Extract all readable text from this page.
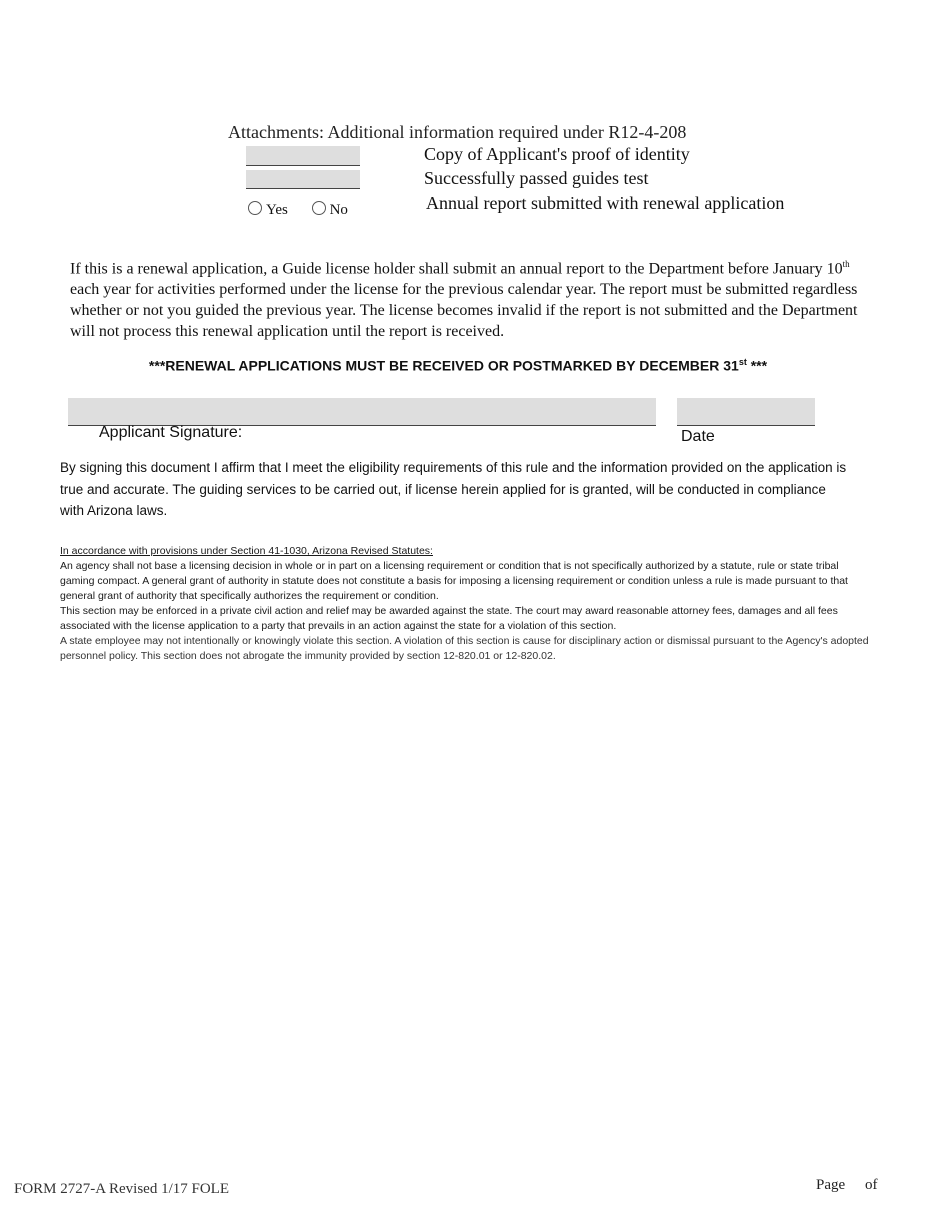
Attachments: Additional information required under R12-4-208
Yes	No
Copy of Applicant's proof of identity
Successfully passed guides test
Annual report submitted with renewal application
If this is a renewal application, a Guide license holder shall submit an annual report to the Department before January 10th each year for activities performed under the license for the previous calendar year. The report must be submitted regardless whether or not you guided the previous year. The license becomes invalid if the report is not submitted and the Department will not process this renewal application until the report is received.
***RENEWAL APPLICATIONS MUST BE RECEIVED OR POSTMARKED BY DECEMBER 31st ***
Applicant Signature:	Date
By signing this document I affirm that I meet the eligibility requirements of this rule and the information provided on the application is true and accurate. The guiding services to be carried out, if license herein applied for is granted, will be conducted in compliance with Arizona laws.
In accordance with provisions under Section 41-1030, Arizona Revised Statutes:
An agency shall not base a licensing decision in whole or in part on a licensing requirement or condition that is not specifically authorized by a statute, rule or state tribal gaming compact. A general grant of authority in statute does not constitute a basis for imposing a licensing requirement or condition unless a rule is made pursuant to that general grant of authority that specifically authorizes the requirement or condition.
This section may be enforced in a private civil action and relief may be awarded against the state. The court may award reasonable attorney fees, damages and all fees associated with the license application to a party that prevails in an action against the state for a violation of this section.
A state employee may not intentionally or knowingly violate this section. A violation of this section is cause for disciplinary action or dismissal pursuant to the Agency's adopted personnel policy. This section does not abrogate the immunity provided by section 12-820.01 or 12-820.02.
FORM 2727-A Revised 1/17 FOLE	Page of
